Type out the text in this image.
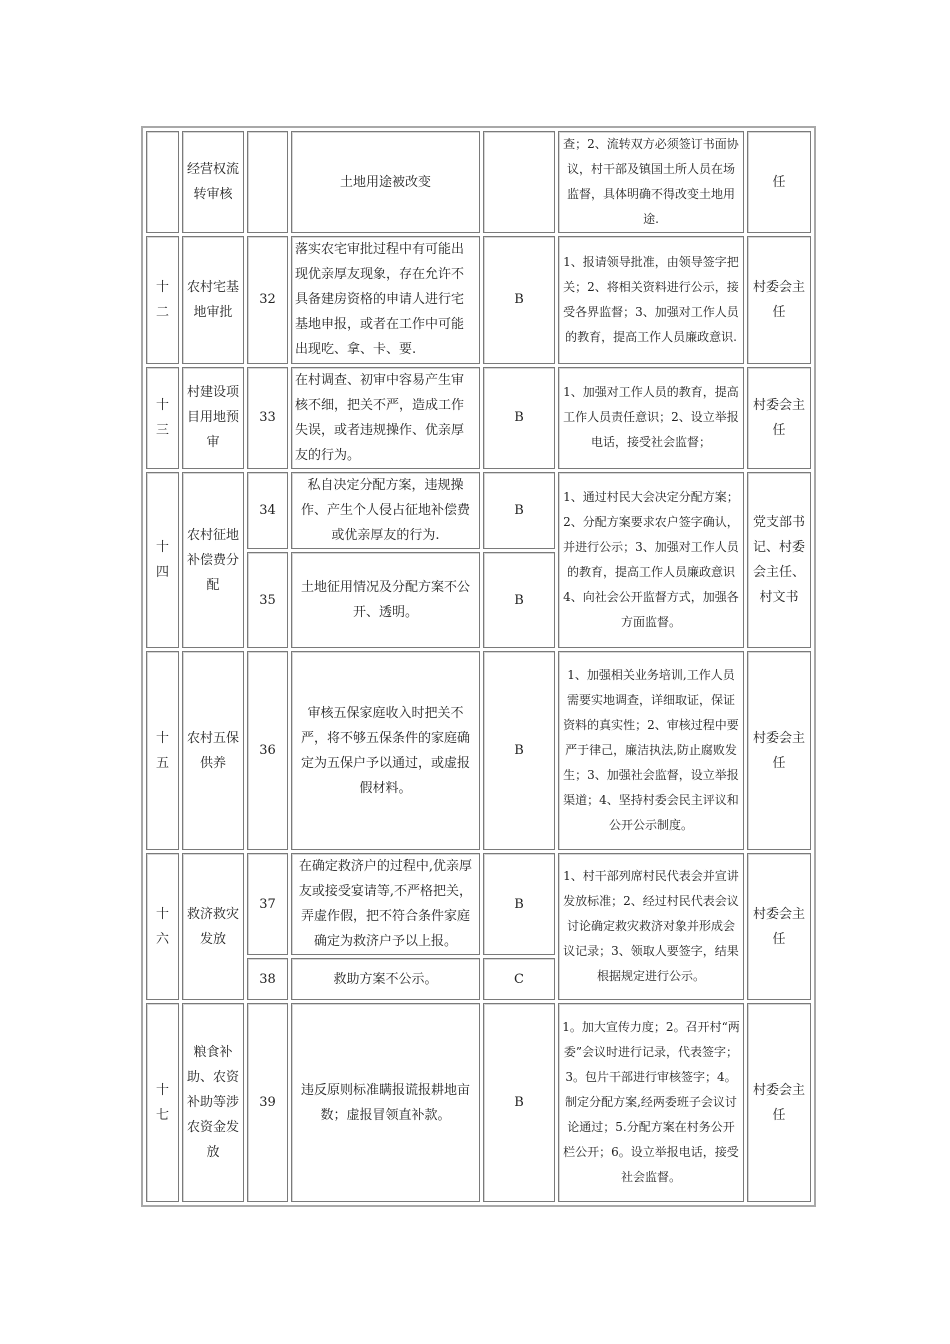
	经营权流转审核		土地用途被改变		查；2、流转双方必须签订书面协议，村干部及镇国土所人员在场监督，具体明确不得改变土地用途.	任
十二	农村宅基地审批	32	落实农宅审批过程中有可能出现优亲厚友现象，存在允许不具备建房资格的申请人进行宅基地申报，或者在工作中可能出现吃、拿、卡、要.	B	1、报请领导批准，由领导签字把关；2、将相关资料进行公示，接受各界监督；3、加强对工作人员的教育，提高工作人员廉政意识.	村委会主任
十三	村建设项目用地预审	33	在村调查、初审中容易产生审核不细，把关不严，造成工作失误，或者违规操作、优亲厚友的行为。	B	1、加强对工作人员的教育，提高工作人员责任意识；2、设立举报电话，接受社会监督；	村委会主任
十四	农村征地补偿费分配	34	私自决定分配方案，违规操作、产生个人侵占征地补偿费或优亲厚友的行为.	B	1、通过村民大会决定分配方案；2、分配方案要求农户签字确认，并进行公示；3、加强对工作人员的教育，提高工作人员廉政意识 4、向社会公开监督方式，加强各方面监督。	党支部书记、村委会主任、村文书
		35	土地征用情况及分配方案不公开、透明。	B		
十五	农村五保供养	36	审核五保家庭收入时把关不严，将不够五保条件的家庭确定为五保户予以通过，或虚报假材料。	B	1、加强相关业务培训,工作人员需要实地调查，详细取证，保证资料的真实性；2、审核过程中要严于律己，廉洁执法,防止腐败发生；3、加强社会监督，设立举报渠道；4、坚持村委会民主评议和公开公示制度。	村委会主任
十六	救济救灾发放	37	在确定救济户的过程中,优亲厚友或接受宴请等,不严格把关，弄虚作假，把不符合条件家庭确定为救济户予以上报。	B	1、村干部列席村民代表会并宣讲发放标准；2、经过村民代表会议讨论确定救灾救济对象并形成会议记录；3、领取人要签字，结果根据规定进行公示。	村委会主任
		38	救助方案不公示。	C		
十七	粮食补助、农资补助等涉农资金发放	39	违反原则标准瞒报谎报耕地亩数；虚报冒领直补款。	B	1。加大宣传力度；2。召开村“两委”会议时进行记录，代表签字；3。包片干部进行审核签字；4。制定分配方案,经两委班子会议讨论通过；5.分配方案在村务公开栏公开；6。设立举报电话，接受社会监督。	村委会主任
